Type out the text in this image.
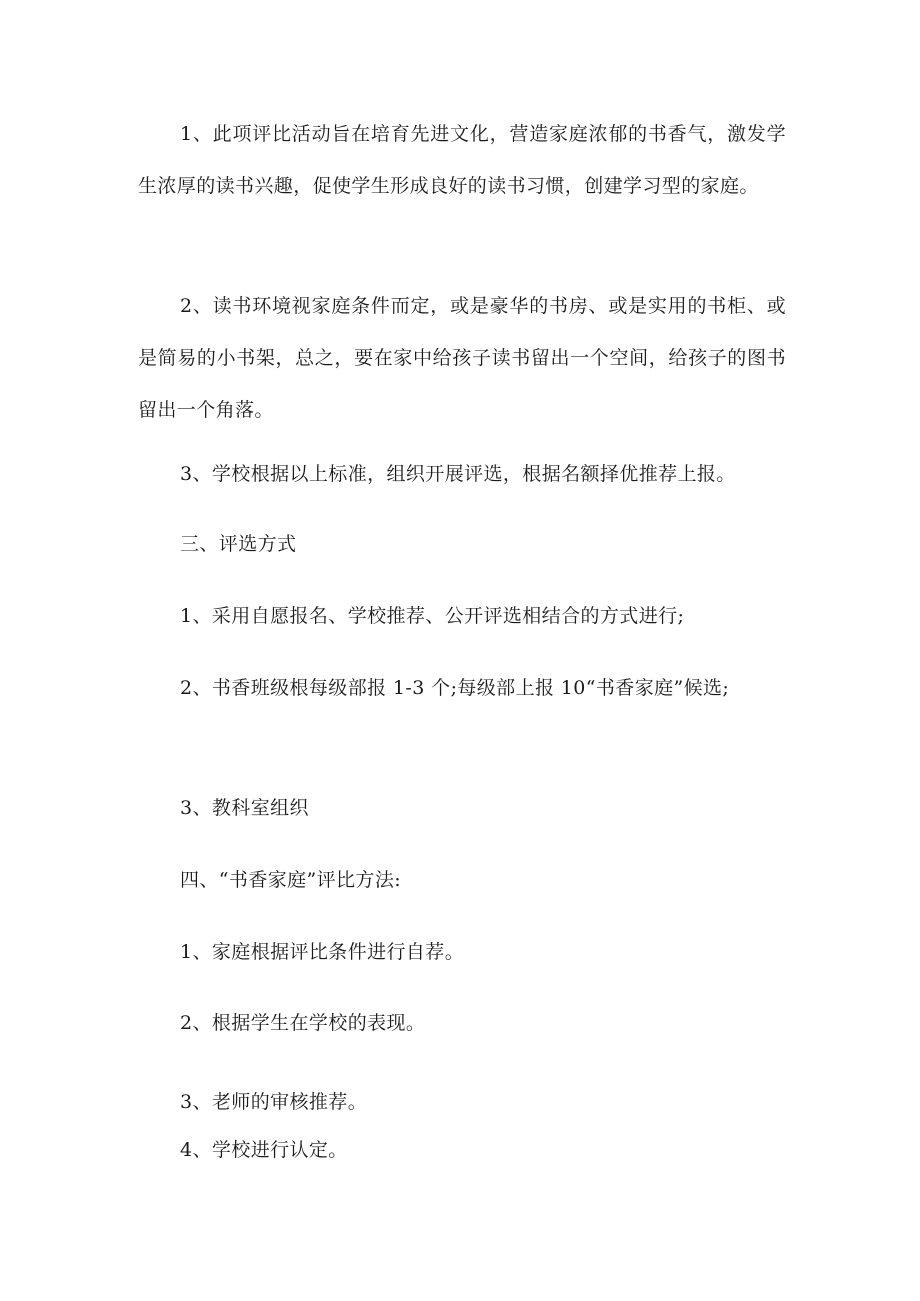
1、此项评比活动旨在培育先进文化，营造家庭浓郁的书香气，激发学生浓厚的读书兴趣，促使学生形成良好的读书习惯，创建学习型的家庭。

2、读书环境视家庭条件而定，或是豪华的书房、或是实用的书柜、或是简易的小书架，总之，要在家中给孩子读书留出一个空间，给孩子的图书留出一个角落。

3、学校根据以上标准，组织开展评选，根据名额择优推荐上报。

三、评选方式

1、采用自愿报名、学校推荐、公开评选相结合的方式进行;

2、书香班级根每级部报 1-3 个;每级部上报 10“书香家庭”候选;

3、教科室组织

四、“书香家庭”评比方法:

1、家庭根据评比条件进行自荐。

2、根据学生在学校的表现。

3、老师的审核推荐。

4、学校进行认定。
